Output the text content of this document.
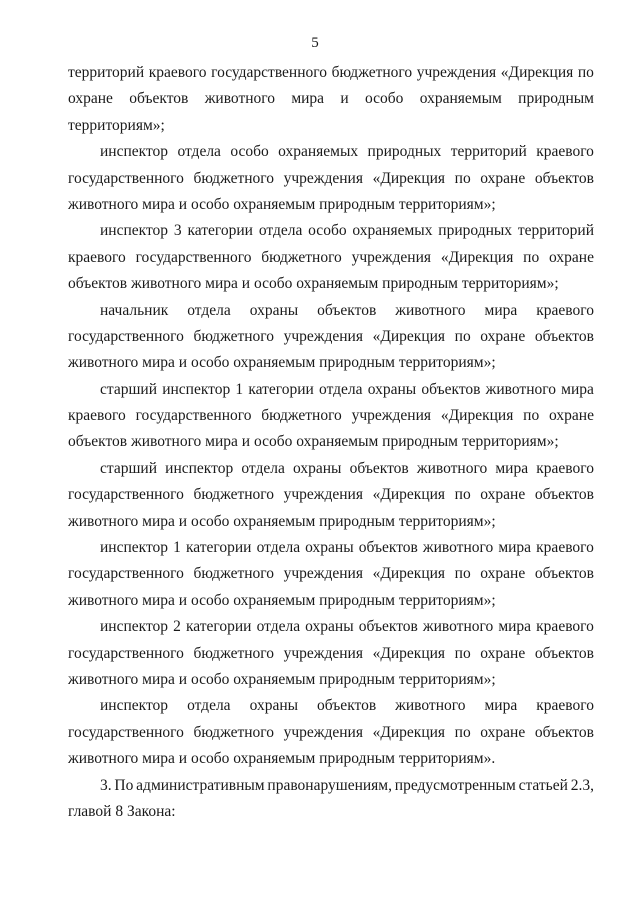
5
территорий краевого государственного бюджетного учреждения «Дирекция по
охране объектов животного мира и особо охраняемым природным
территориям»;
инспектор отдела особо охраняемых природных территорий краевого
государственного бюджетного учреждения «Дирекция по охране объектов
животного мира и особо охраняемым природным территориям»;
инспектор 3 категории отдела особо охраняемых природных территорий
краевого государственного бюджетного учреждения «Дирекция по охране
объектов животного мира и особо охраняемым природным территориям»;
начальник отдела охраны объектов животного мира краевого
государственного бюджетного учреждения «Дирекция по охране объектов
животного мира и особо охраняемым природным территориям»;
старший инспектор 1 категории отдела охраны объектов животного мира
краевого государственного бюджетного учреждения «Дирекция по охране
объектов животного мира и особо охраняемым природным территориям»;
старший инспектор отдела охраны объектов животного мира краевого
государственного бюджетного учреждения «Дирекция по охране объектов
животного мира и особо охраняемым природным территориям»;
инспектор 1 категории отдела охраны объектов животного мира краевого
государственного бюджетного учреждения «Дирекция по охране объектов
животного мира и особо охраняемым природным территориям»;
инспектор 2 категории отдела охраны объектов животного мира краевого
государственного бюджетного учреждения «Дирекция по охране объектов
животного мира и особо охраняемым природным территориям»;
инспектор отдела охраны объектов животного мира краевого
государственного бюджетного учреждения «Дирекция по охране объектов
животного мира и особо охраняемым природным территориям».
3. По административным правонарушениям, предусмотренным статьей 2.3,
главой 8 Закона:
